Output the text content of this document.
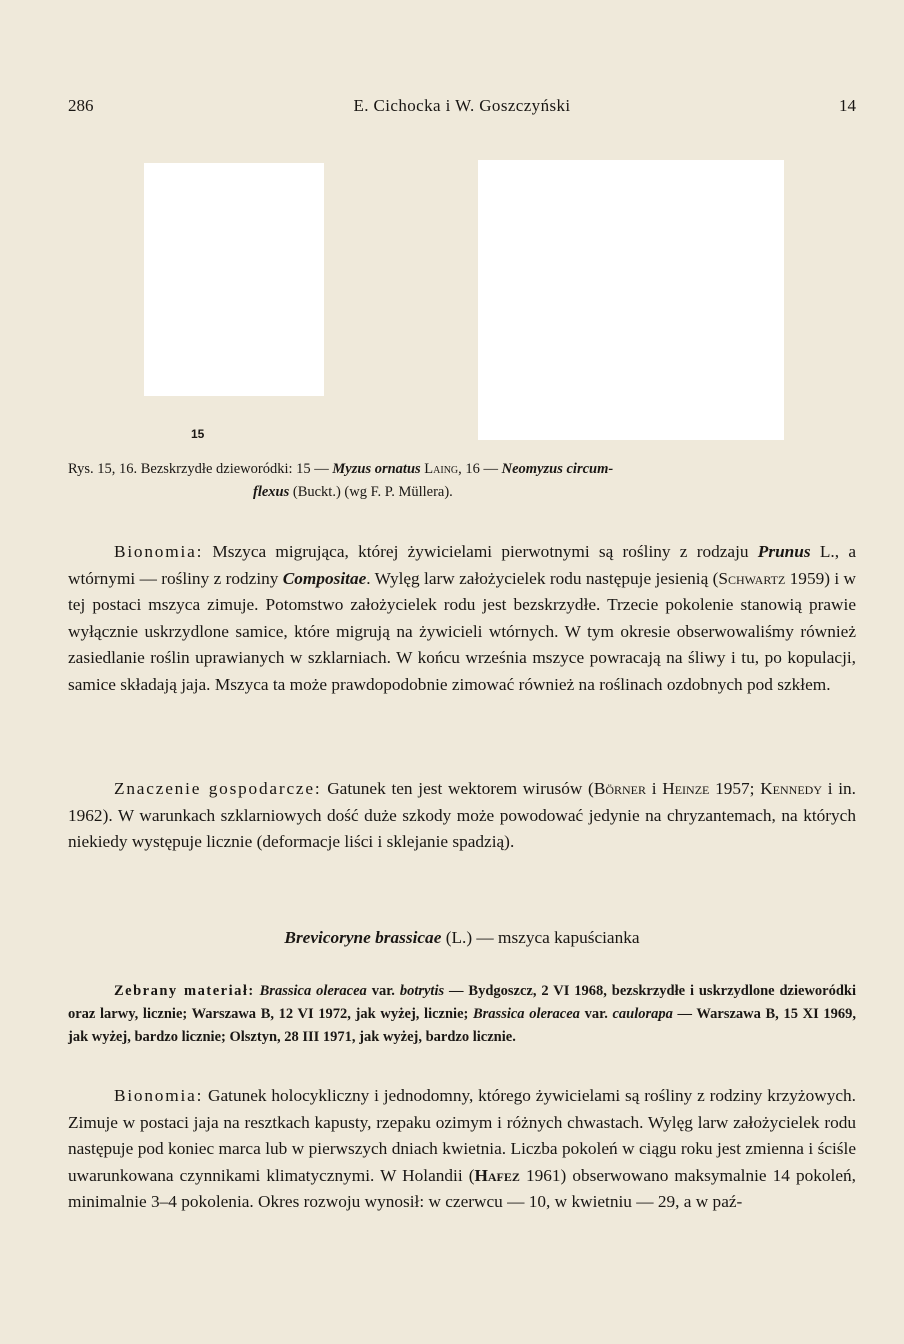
286	E. Cichocka i W. Goszczyński	14
15
Rys. 15, 16. Bezskrzydłe dzieworódki: 15 — Myzus ornatus Laing, 16 — Neomyzus circum-
flexus (Buckt.) (wg F. P. Müllera).

Bionomia: Mszyca migrująca, której żywicielami pierwotnymi są rośliny z rodzaju Prunus L., a wtórnymi — rośliny z rodziny Compositae. Wylęg larw założycielek rodu następuje jesienią (Schwartz 1959) i w tej postaci mszyca zimuje. Potomstwo założycielek rodu jest bezskrzydłe. Trzecie pokolenie stanowią prawie wyłącznie uskrzydlone samice, które migrują na żywicieli wtórnych. W tym okresie obserwowaliśmy również zasiedlanie roślin uprawianych w szklarniach. W końcu września mszyce powracają na śliwy i tu, po kopulacji, samice składają jaja. Mszyca ta może prawdopodobnie zimować również na roślinach ozdobnych pod szkłem.

Znaczenie gospodarcze: Gatunek ten jest wektorem wirusów (Börner i Heinze 1957; Kennedy i in. 1962). W warunkach szklarniowych dość duże szkody może powodować jedynie na chryzantemach, na których niekiedy występuje licznie (deformacje liści i sklejanie spadzią).

Brevicoryne brassicae (L.) — mszyca kapuścianka
Zebrany materiał: Brassica oleracea var. botrytis — Bydgoszcz, 2 VI 1968, bezskrzydłe i uskrzydlone dzieworódki oraz larwy, licznie; Warszawa B, 12 VI 1972, jak wyżej, licznie; Brassica oleracea var. caulorapa — Warszawa B, 15 XI 1969, jak wyżej, bardzo licznie; Olsztyn, 28 III 1971, jak wyżej, bardzo licznie.

Bionomia: Gatunek holocykliczny i jednodomny, którego żywicielami są rośliny z rodziny krzyżowych. Zimuje w postaci jaja na resztkach kapusty, rzepaku ozimym i różnych chwastach. Wylęg larw założycielek rodu następuje pod koniec marca lub w pierwszych dniach kwietnia. Liczba pokoleń w ciągu roku jest zmienna i ściśle uwarunkowana czynnikami klimatycznymi. W Holandii (Hafez 1961) obserwowano maksymalnie 14 pokoleń, minimalnie 3–4 pokolenia. Okres rozwoju wynosił: w czerwcu — 10, w kwietniu — 29, a w paź-
